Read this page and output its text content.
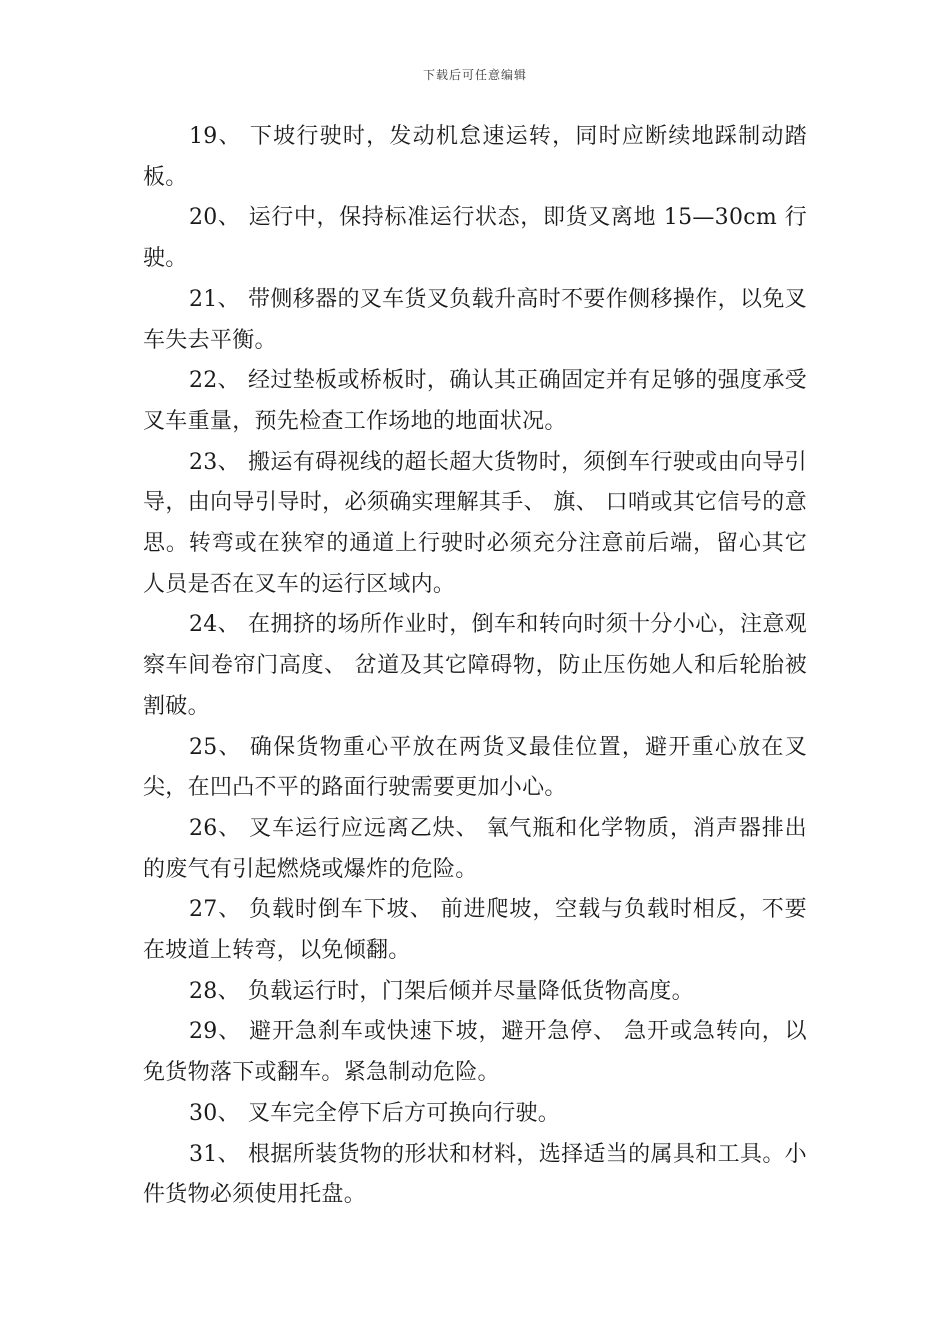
下载后可任意编辑

19、 下坡行驶时，发动机怠速运转，同时应断续地踩制动踏板。

20、 运行中，保持标准运行状态，即货叉离地 15—30cm 行驶。

21、 带侧移器的叉车货叉负载升高时不要作侧移操作，以免叉车失去平衡。

22、 经过垫板或桥板时，确认其正确固定并有足够的强度承受叉车重量，预先检查工作场地的地面状况。

23、 搬运有碍视线的超长超大货物时，须倒车行驶或由向导引导，由向导引导时，必须确实理解其手、 旗、 口哨或其它信号的意思。转弯或在狭窄的通道上行驶时必须充分注意前后端，留心其它人员是否在叉车的运行区域内。

24、 在拥挤的场所作业时，倒车和转向时须十分小心，注意观察车间卷帘门高度、 岔道及其它障碍物，防止压伤她人和后轮胎被割破。

25、 确保货物重心平放在两货叉最佳位置，避开重心放在叉尖，在凹凸不平的路面行驶需要更加小心。

26、 叉车运行应远离乙炔、 氧气瓶和化学物质，消声器排出的废气有引起燃烧或爆炸的危险。

27、 负载时倒车下坡、 前进爬坡，空载与负载时相反，不要在坡道上转弯，以免倾翻。

28、 负载运行时，门架后倾并尽量降低货物高度。

29、 避开急刹车或快速下坡，避开急停、 急开或急转向，以免货物落下或翻车。紧急制动危险。

30、 叉车完全停下后方可换向行驶。

31、 根据所装货物的形状和材料，选择适当的属具和工具。小件货物必须使用托盘。
